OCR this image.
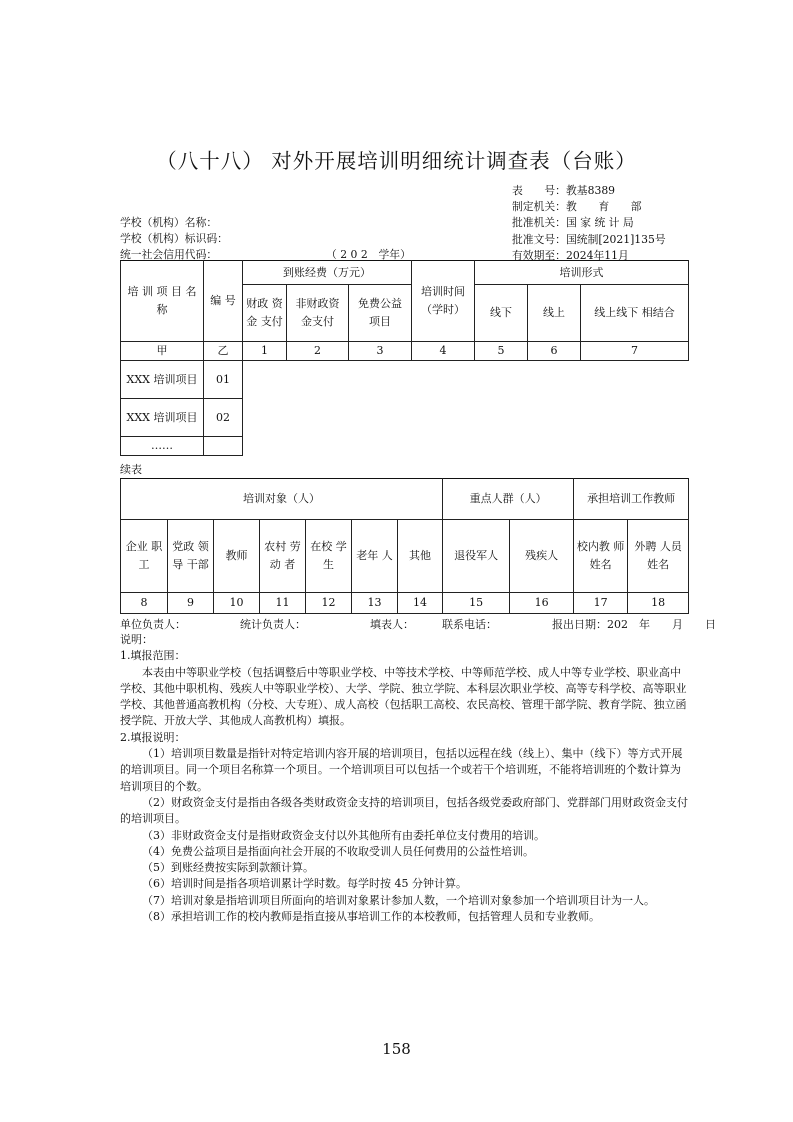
（八十八） 对外开展培训明细统计调查表（台账）
表　　号：教基8389
制定机关：教　　育　　部
批准机关：国 家 统 计 局
批准文号：国统制[2021]135号
有效期至：2024年11月
学校（机构）名称：
学校（机构）标识码：
统一社会信用代码：	（ 2 0 2　学年）
培 训 项 目 名 称	编 号	到账经费（万元）			培训时间 （学时）	培训形式		
		财政 资金 支付	非财政资 金支付	免费公益 项目		线下	线上	线上线下 相结合
甲	乙	1	2	3	4	5	6	7
XXX 培训项目	01							
XXX 培训项目	02							
……								
续表
培训对象（人）							重点人群（人）		承担培训工作教师	
企业 职工	党政 领导 干部	教师	农村 劳动 者	在校 学生	老年 人	其他	退役军人	残疾人	校内教 师姓名	外聘 人员 姓名
8	9	10	11	12	13	14	15	16	17	18
单位负责人：	统计负责人：	填表人：	联系电话：	报出日期：202　年　　月　　日

说明：

1.填报范围：

本表由中等职业学校（包括调整后中等职业学校、中等技术学校、中等师范学校、成人中等专业学校、职业高中学校、其他中职机构、残疾人中等职业学校）、大学、学院、独立学院、本科层次职业学校、高等专科学校、高等职业学校、其他普通高教机构（分校、大专班）、成人高校（包括职工高校、农民高校、管理干部学院、教育学院、独立函授学院、开放大学、其他成人高教机构）填报。

2.填报说明：

（1）培训项目数量是指针对特定培训内容开展的培训项目，包括以远程在线（线上）、集中（线下）等方式开展的培训项目。同一个项目名称算一个项目。一个培训项目可以包括一个或若干个培训班，不能将培训班的个数计算为培训项目的个数。

（2）财政资金支付是指由各级各类财政资金支持的培训项目，包括各级党委政府部门、党群部门用财政资金支付的培训项目。

（3）非财政资金支付是指财政资金支付以外其他所有由委托单位支付费用的培训。

（4）免费公益项目是指面向社会开展的不收取受训人员任何费用的公益性培训。

（5）到账经费按实际到款额计算。

（6）培训时间是指各项培训累计学时数。每学时按 45 分钟计算。

（7）培训对象是指培训项目所面向的培训对象累计参加人数，一个培训对象参加一个培训项目计为一人。

（8）承担培训工作的校内教师是指直接从事培训工作的本校教师，包括管理人员和专业教师。

158
